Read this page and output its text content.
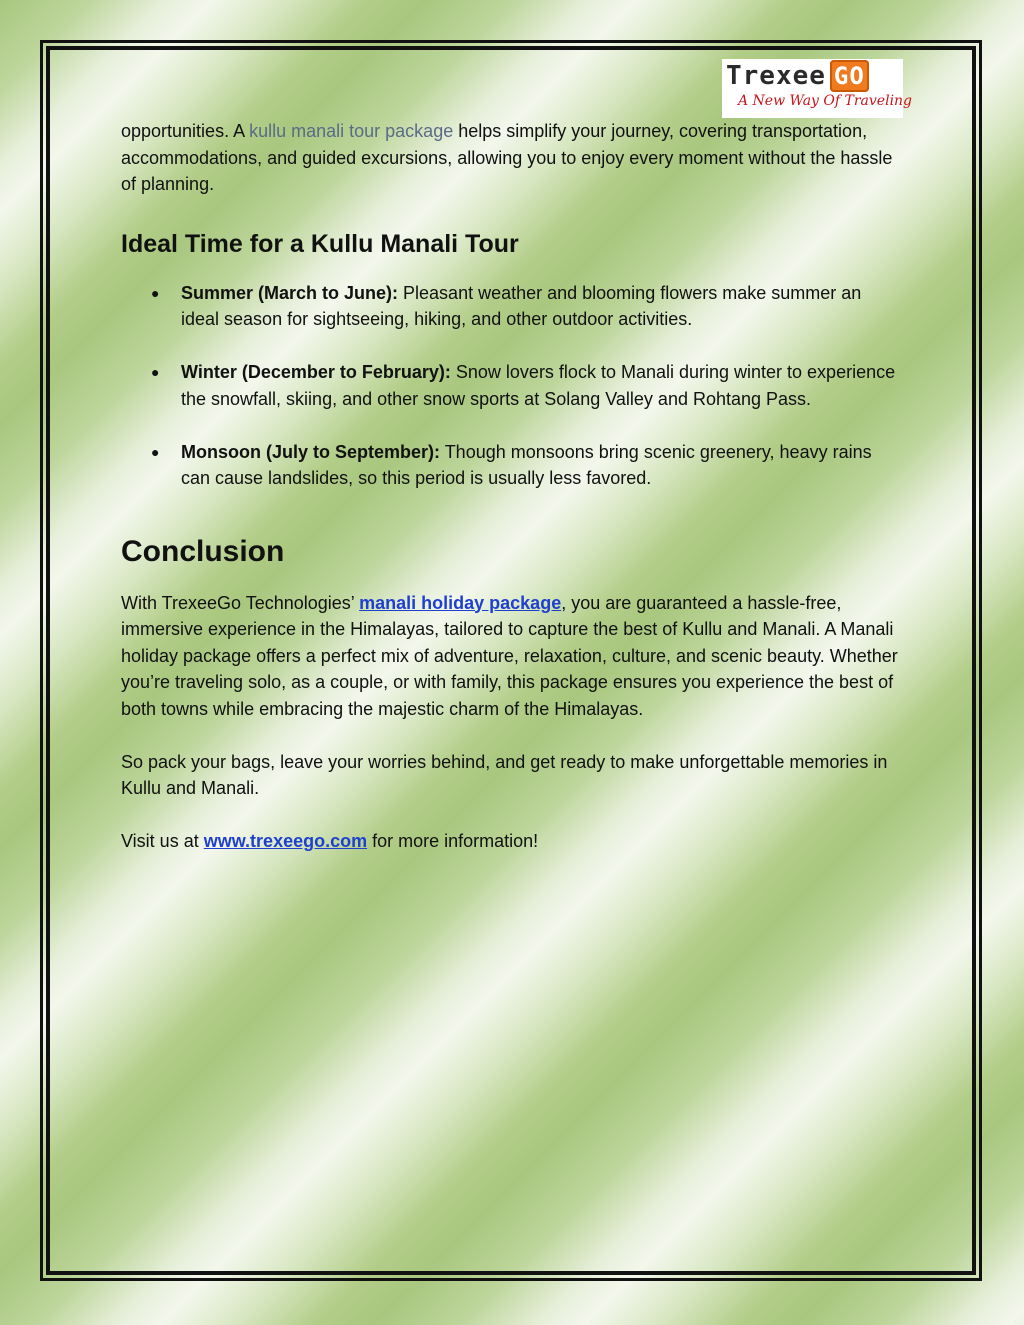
Trexee GO
A New Way Of Traveling

opportunities. A kullu manali tour package helps simplify your journey, covering transportation, accommodations, and guided excursions, allowing you to enjoy every moment without the hassle of planning.

Ideal Time for a Kullu Manali Tour
● Summer (March to June): Pleasant weather and blooming flowers make summer an ideal season for sightseeing, hiking, and other outdoor activities.
● Winter (December to February): Snow lovers flock to Manali during winter to experience the snowfall, skiing, and other snow sports at Solang Valley and Rohtang Pass.
● Monsoon (July to September): Though monsoons bring scenic greenery, heavy rains can cause landslides, so this period is usually less favored.
Conclusion

With TrexeeGo Technologies’ manali holiday package, you are guaranteed a hassle-free, immersive experience in the Himalayas, tailored to capture the best of Kullu and Manali. A Manali holiday package offers a perfect mix of adventure, relaxation, culture, and scenic beauty. Whether you’re traveling solo, as a couple, or with family, this package ensures you experience the best of both towns while embracing the majestic charm of the Himalayas.

So pack your bags, leave your worries behind, and get ready to make unforgettable memories in Kullu and Manali.

Visit us at www.trexeego.com for more information!
